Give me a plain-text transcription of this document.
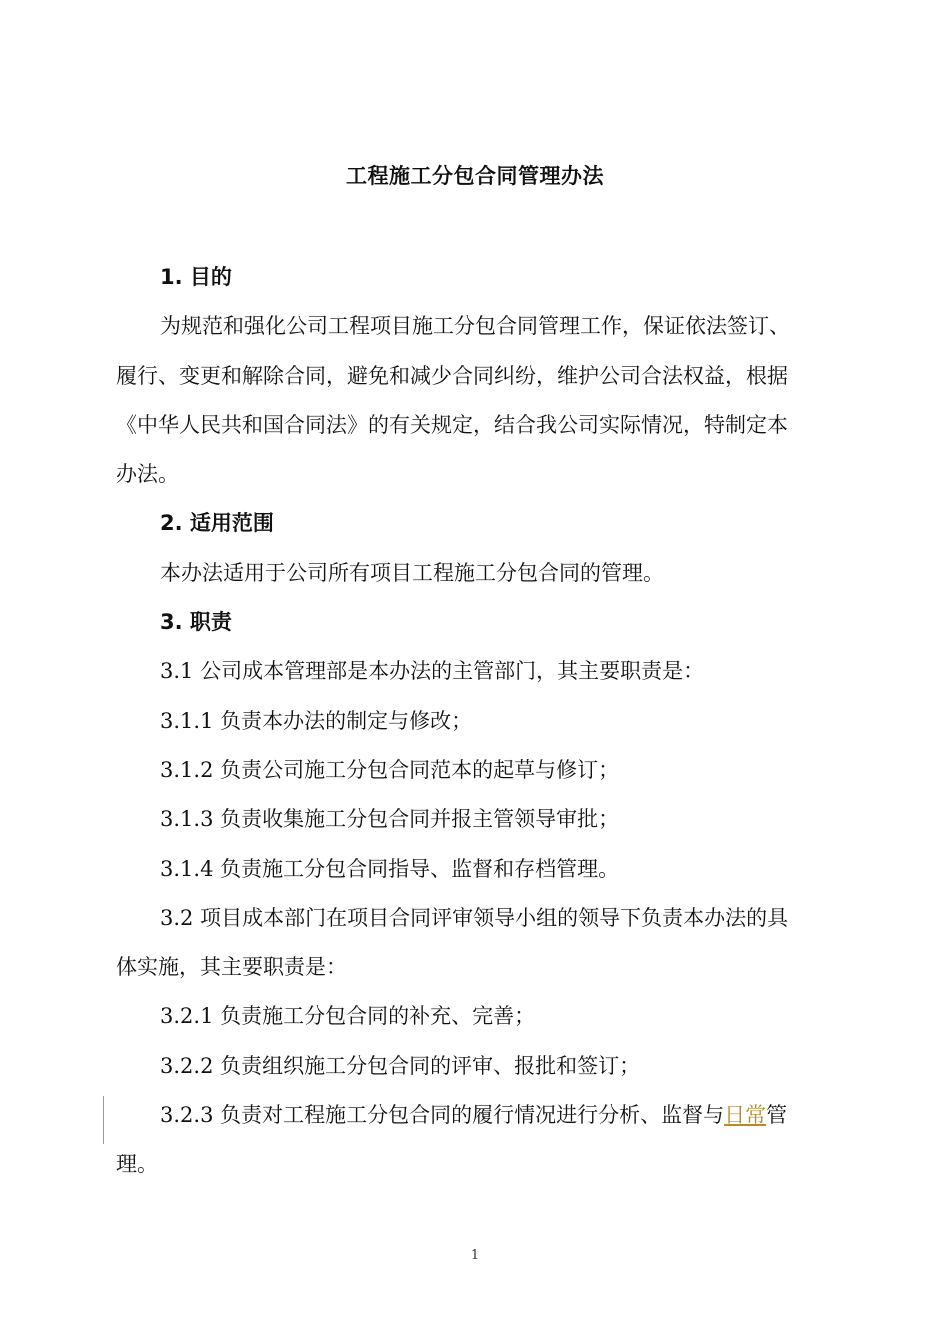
工程施工分包合同管理办法

1. 目的

为规范和强化公司工程项目施工分包合同管理工作，保证依法签订、

履行、变更和解除合同，避免和减少合同纠纷，维护公司合法权益，根据

《中华人民共和国合同法》的有关规定，结合我公司实际情况，特制定本

办法。

2. 适用范围

本办法适用于公司所有项目工程施工分包合同的管理。

3. 职责

3.1 公司成本管理部是本办法的主管部门，其主要职责是：

3.1.1 负责本办法的制定与修改；

3.1.2 负责公司施工分包合同范本的起草与修订；

3.1.3 负责收集施工分包合同并报主管领导审批；

3.1.4 负责施工分包合同指导、监督和存档管理。

3.2 项目成本部门在项目合同评审领导小组的领导下负责本办法的具

体实施，其主要职责是：

3.2.1 负责施工分包合同的补充、完善；

3.2.2 负责组织施工分包合同的评审、报批和签订；

3.2.3 负责对工程施工分包合同的履行情况进行分析、监督与日常管

理。

1
